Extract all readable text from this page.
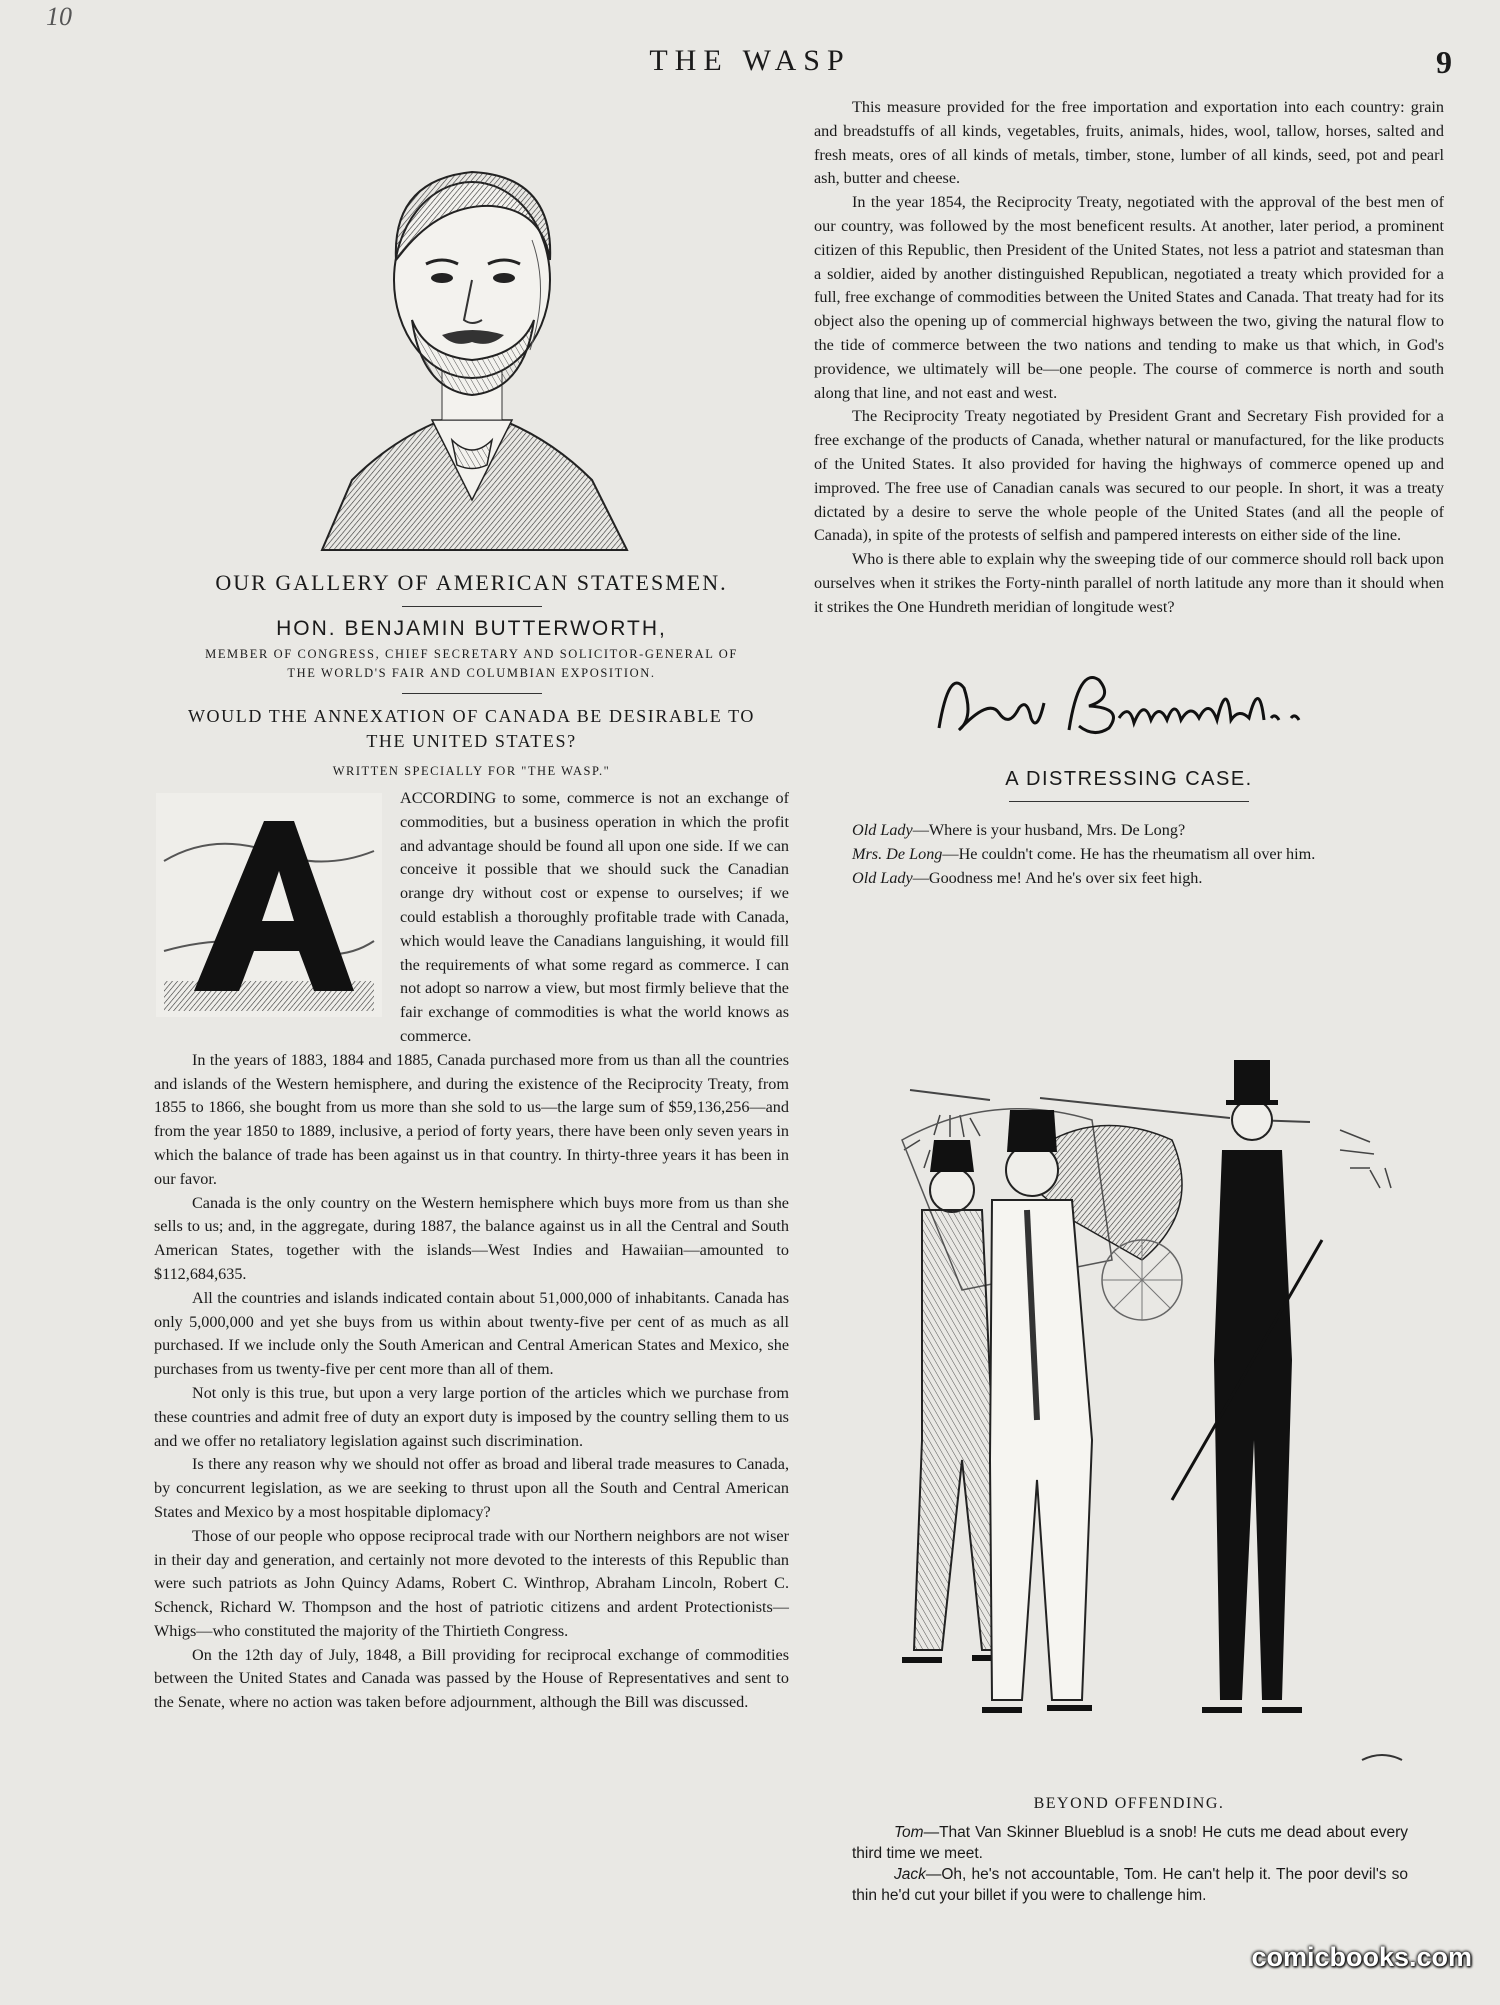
10
THE WASP	9
OUR GALLERY OF AMERICAN STATESMEN.
HON. BENJAMIN BUTTERWORTH,
MEMBER OF CONGRESS, CHIEF SECRETARY AND SOLICITOR-GENERAL OF
THE WORLD'S FAIR AND COLUMBIAN EXPOSITION.
WOULD THE ANNEXATION OF CANADA BE DESIRABLE TO
THE UNITED STATES?
WRITTEN SPECIALLY FOR "THE WASP."

ACCORDING to some, commerce is not an exchange of commodities, but a business operation in which the profit and advantage should be found all upon one side. If we can conceive it possible that we should suck the Canadian orange dry without cost or expense to ourselves; if we could establish a thoroughly profitable trade with Canada, which would leave the Canadians languishing, it would fill the requirements of what some regard as commerce. I can not adopt so narrow a view, but most firmly believe that the fair exchange of commodities is what the world knows as commerce.

In the years of 1883, 1884 and 1885, Canada purchased more from us than all the countries and islands of the Western hemisphere, and during the existence of the Reciprocity Treaty, from 1855 to 1866, she bought from us more than she sold to us—the large sum of $59,136,256—and from the year 1850 to 1889, inclusive, a period of forty years, there have been only seven years in which the balance of trade has been against us in that country. In thirty-three years it has been in our favor.

Canada is the only country on the Western hemisphere which buys more from us than she sells to us; and, in the aggregate, during 1887, the balance against us in all the Central and South American States, together with the islands—West Indies and Hawaiian—amounted to $112,684,635.

All the countries and islands indicated contain about 51,000,000 of inhabitants. Canada has only 5,000,000 and yet she buys from us within about twenty-five per cent of as much as all purchased. If we include only the South American and Central American States and Mexico, she purchases from us twenty-five per cent more than all of them.

Not only is this true, but upon a very large portion of the articles which we purchase from these countries and admit free of duty an export duty is imposed by the country selling them to us and we offer no retaliatory legislation against such discrimination.

Is there any reason why we should not offer as broad and liberal trade measures to Canada, by concurrent legislation, as we are seeking to thrust upon all the South and Central American States and Mexico by a most hospitable diplomacy?

Those of our people who oppose reciprocal trade with our Northern neighbors are not wiser in their day and generation, and certainly not more devoted to the interests of this Republic than were such patriots as John Quincy Adams, Robert C. Winthrop, Abraham Lincoln, Robert C. Schenck, Richard W. Thompson and the host of patriotic citizens and ardent Protectionists—Whigs—who constituted the majority of the Thirtieth Congress.

On the 12th day of July, 1848, a Bill providing for reciprocal exchange of commodities between the United States and Canada was passed by the House of Representatives and sent to the Senate, where no action was taken before adjournment, although the Bill was discussed.

This measure provided for the free importation and exportation into each country: grain and breadstuffs of all kinds, vegetables, fruits, animals, hides, wool, tallow, horses, salted and fresh meats, ores of all kinds of metals, timber, stone, lumber of all kinds, seed, pot and pearl ash, butter and cheese.

In the year 1854, the Reciprocity Treaty, negotiated with the approval of the best men of our country, was followed by the most beneficent results. At another, later period, a prominent citizen of this Republic, then President of the United States, not less a patriot and statesman than a soldier, aided by another distinguished Republican, negotiated a treaty which provided for a full, free exchange of commodities between the United States and Canada. That treaty had for its object also the opening up of commercial highways between the two, giving the natural flow to the tide of commerce between the two nations and tending to make us that which, in God's providence, we ultimately will be—one people. The course of commerce is north and south along that line, and not east and west.

The Reciprocity Treaty negotiated by President Grant and Secretary Fish provided for a free exchange of the products of Canada, whether natural or manufactured, for the like products of the United States. It also provided for having the highways of commerce opened up and improved. The free use of Canadian canals was secured to our people. In short, it was a treaty dictated by a desire to serve the whole people of the United States (and all the people of Canada), in spite of the protests of selfish and pampered interests on either side of the line.

Who is there able to explain why the sweeping tide of our commerce should roll back upon ourselves when it strikes the Forty-ninth parallel of north latitude any more than it should when it strikes the One Hundreth meridian of longitude west?

A DISTRESSING CASE.

Old Lady—Where is your husband, Mrs. De Long?

Mrs. De Long—He couldn't come. He has the rheumatism all over him.

Old Lady—Goodness me! And he's over six feet high.

BEYOND OFFENDING.

Tom—That Van Skinner Blueblud is a snob! He cuts me dead about every third time we meet.

Jack—Oh, he's not accountable, Tom. He can't help it. The poor devil's so thin he'd cut your billet if you were to challenge him.

comicbooks.com
